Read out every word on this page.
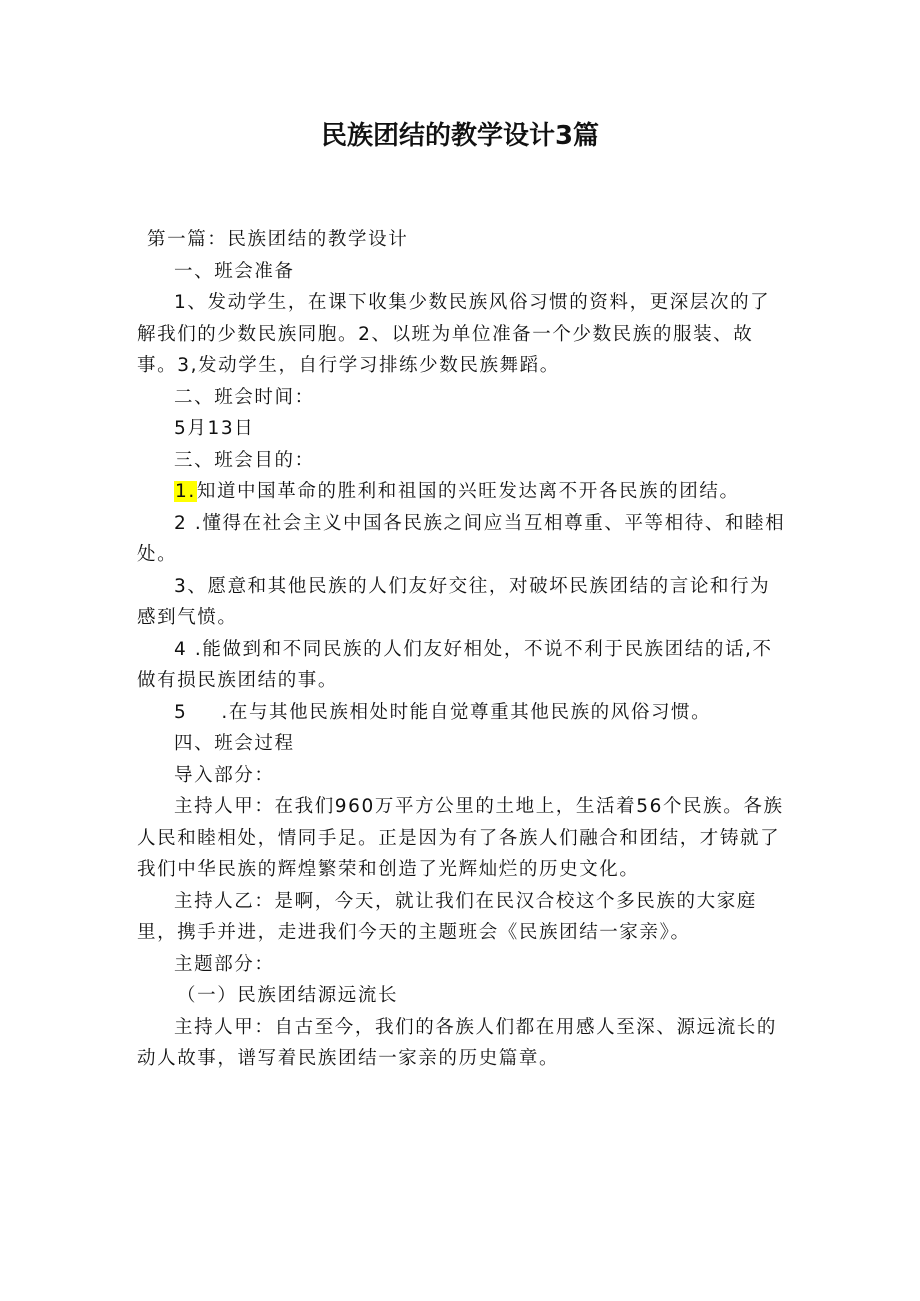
民族团结的教学设计3篇

第一篇：民族团结的教学设计

一、班会准备

1、发动学生，在课下收集少数民族风俗习惯的资料，更深层次的了解我们的少数民族同胞。2、以班为单位准备一个少数民族的服装、故事。3,发动学生，自行学习排练少数民族舞蹈。

二、班会时间：

5月13日

三、班会目的：

1.知道中国革命的胜利和祖国的兴旺发达离不开各民族的团结。

2 .懂得在社会主义中国各民族之间应当互相尊重、平等相待、和睦相处。

3、愿意和其他民族的人们友好交往，对破坏民族团结的言论和行为感到气愤。

4 .能做到和不同民族的人们友好相处，不说不利于民族团结的话,不做有损民族团结的事。

5 .在与其他民族相处时能自觉尊重其他民族的风俗习惯。

四、班会过程

导入部分：

主持人甲：在我们960万平方公里的土地上，生活着56个民族。各族人民和睦相处，情同手足。正是因为有了各族人们融合和团结，才铸就了我们中华民族的辉煌繁荣和创造了光辉灿烂的历史文化。

主持人乙：是啊，今天，就让我们在民汉合校这个多民族的大家庭里，携手并进，走进我们今天的主题班会《民族团结一家亲》。

主题部分：

（一）民族团结源远流长

主持人甲：自古至今，我们的各族人们都在用感人至深、源远流长的动人故事，谱写着民族团结一家亲的历史篇章。
